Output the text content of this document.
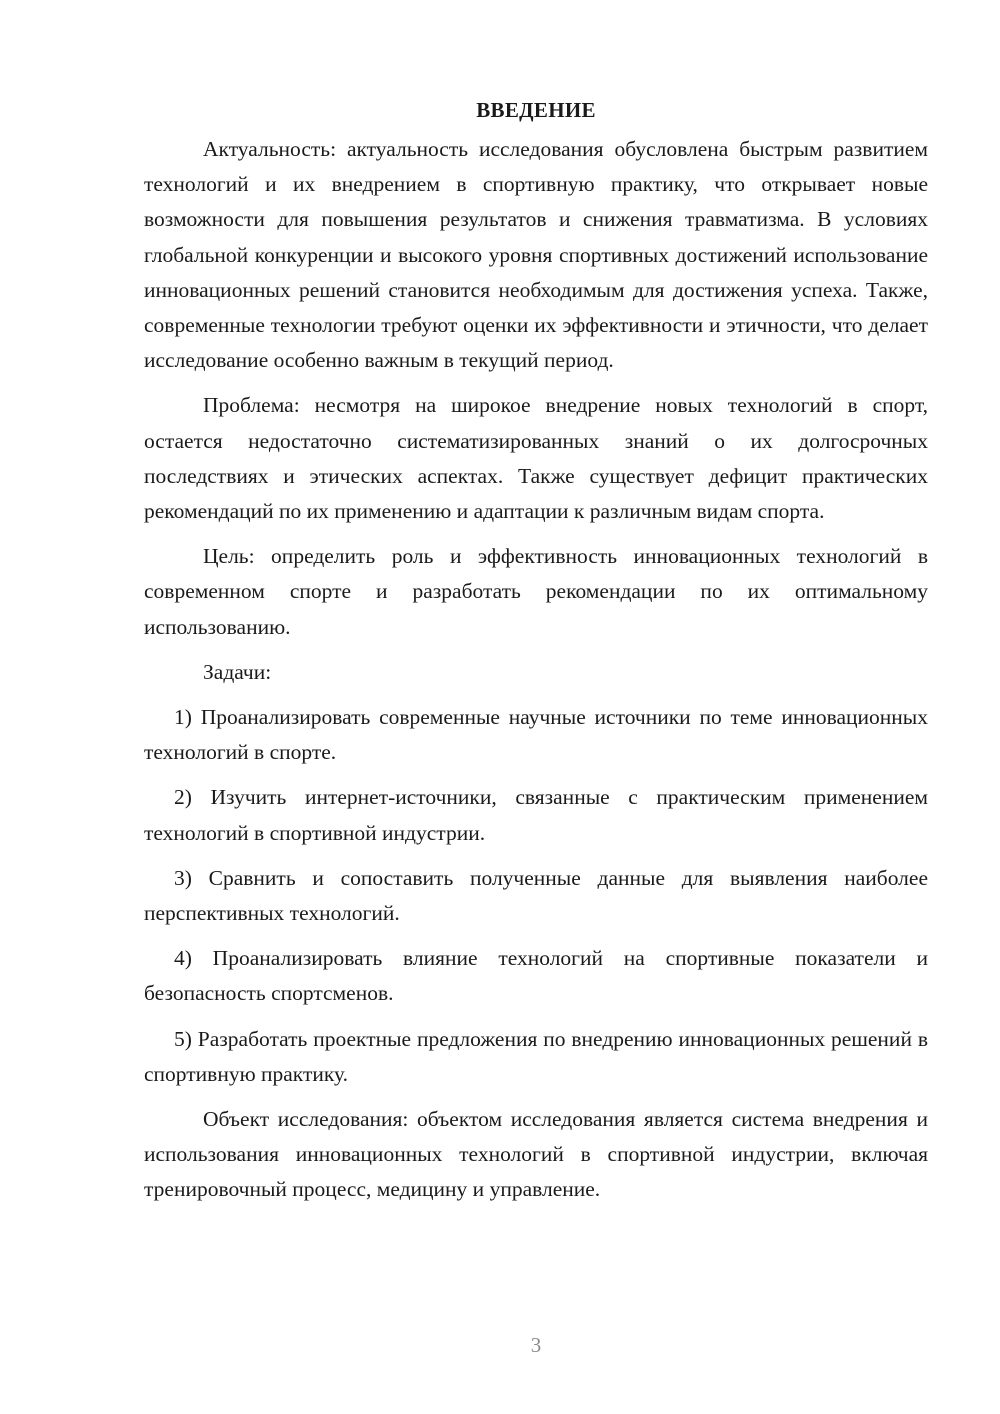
ВВЕДЕНИЕ

Актуальность: актуальность исследования обусловлена быстрым развитием технологий и их внедрением в спортивную практику, что открывает новые возможности для повышения результатов и снижения травматизма. В условиях глобальной конкуренции и высокого уровня спортивных достижений использование инновационных решений становится необходимым для достижения успеха. Также, современные технологии требуют оценки их эффективности и этичности, что делает исследование особенно важным в текущий период.

Проблема: несмотря на широкое внедрение новых технологий в спорт, остается недостаточно систематизированных знаний о их долгосрочных последствиях и этических аспектах. Также существует дефицит практических рекомендаций по их применению и адаптации к различным видам спорта.

Цель: определить роль и эффективность инновационных технологий в современном спорте и разработать рекомендации по их оптимальному использованию.

Задачи:

1) Проанализировать современные научные источники по теме инновационных технологий в спорте.

2) Изучить интернет-источники, связанные с практическим применением технологий в спортивной индустрии.

3) Сравнить и сопоставить полученные данные для выявления наиболее перспективных технологий.

4) Проанализировать влияние технологий на спортивные показатели и безопасность спортсменов.

5) Разработать проектные предложения по внедрению инновационных решений в спортивную практику.

Объект исследования: объектом исследования является система внедрения и использования инновационных технологий в спортивной индустрии, включая тренировочный процесс, медицину и управление.

3
